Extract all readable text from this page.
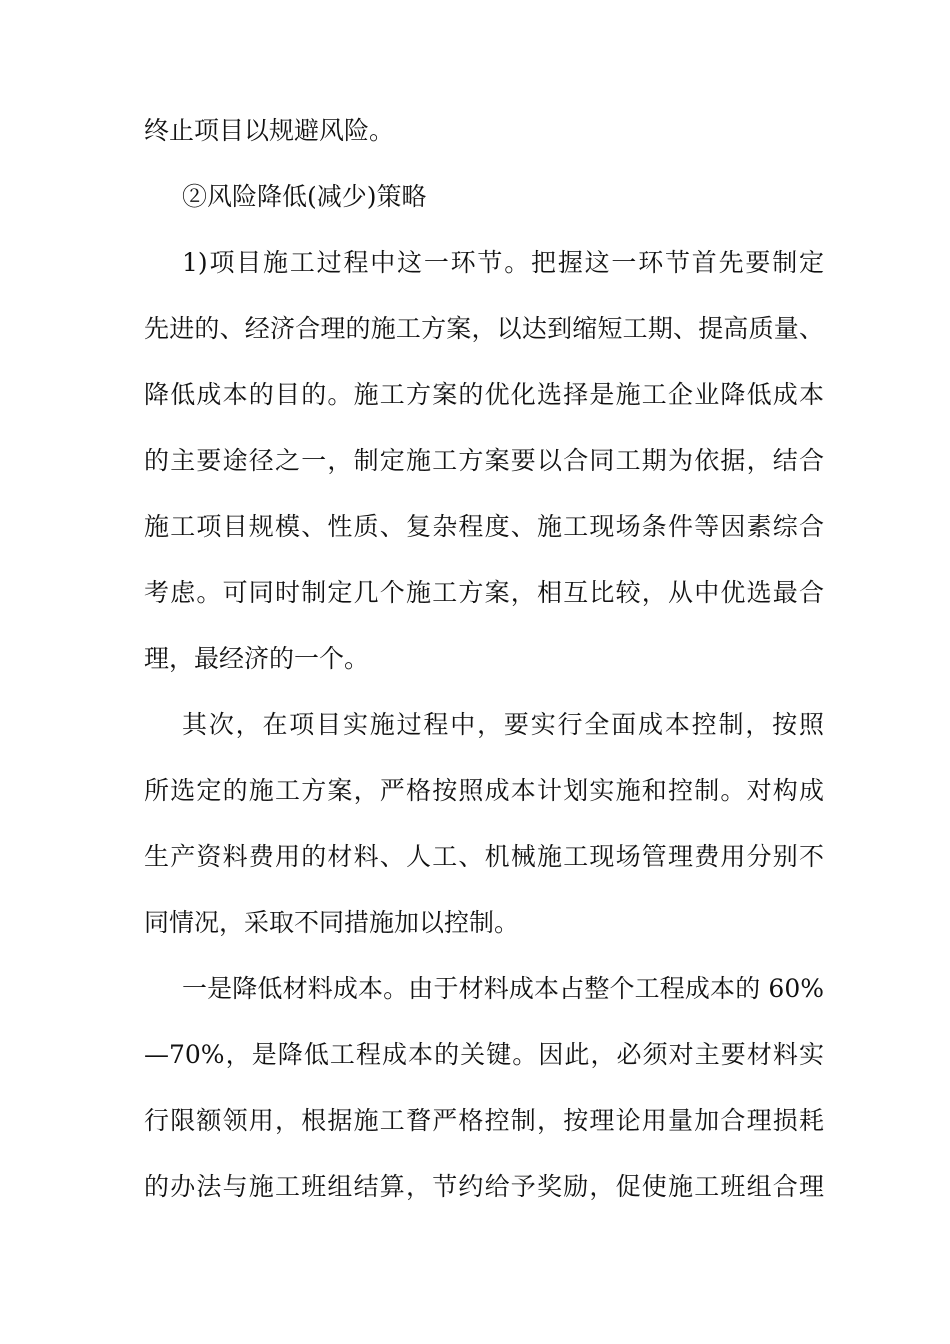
终止项目以规避风险。
②风险降低(减少)策略
1)项目施工过程中这一环节。把握这一环节首先要制定
先进的、经济合理的施工方案，以达到缩短工期、提高质量、
降低成本的目的。施工方案的优化选择是施工企业降低成本
的主要途径之一，制定施工方案要以合同工期为依据，结合
施工项目规模、性质、复杂程度、施工现场条件等因素综合
考虑。可同时制定几个施工方案，相互比较，从中优选最合
理，最经济的一个。
其次，在项目实施过程中，要实行全面成本控制，按照
所选定的施工方案，严格按照成本计划实施和控制。对构成
生产资料费用的材料、人工、机械施工现场管理费用分别不
同情况，采取不同措施加以控制。
一是降低材料成本。由于材料成本占整个工程成本的 60%
—70%，是降低工程成本的关键。因此，必须对主要材料实
行限额领用，根据施工瞀严格控制，按理论用量加合理损耗
的办法与施工班组结算，节约给予奖励，促使施工班组合理
